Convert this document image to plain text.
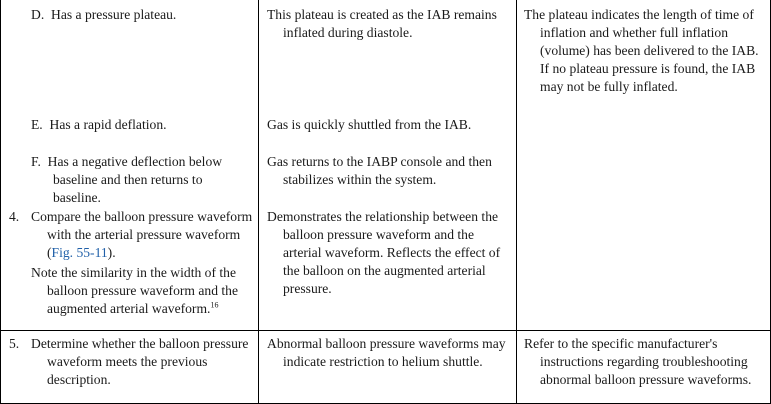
D. Has a pressure plateau.	This plateau is created as the IAB remains inflated during diastole.

The plateau indicates the length of time of inflation and whether full inflation (volume) has been delivered to the IAB. If no plateau pressure is found, the IAB may not be fully inflated.

E. Has a rapid deflation.	Gas is quickly shuttled from the IAB.

F. Has a negative deflection below baseline and then returns to baseline.

Gas returns to the IABP console and then stabilizes within the system.

4. Compare the balloon pressure waveform with the arterial pressure waveform (Fig. 55-11).

Note the similarity in the width of the balloon pressure waveform and the augmented arterial waveform.$^{16}$

Demonstrates the relationship between the balloon pressure waveform and the arterial waveform. Reflects the effect of the balloon on the augmented arterial pressure.

5. Determine whether the balloon pressure waveform meets the previous description.

Abnormal balloon pressure waveforms may indicate restriction to helium shuttle.

Refer to the specific manufacturer's instructions regarding troubleshooting abnormal balloon pressure waveforms.
